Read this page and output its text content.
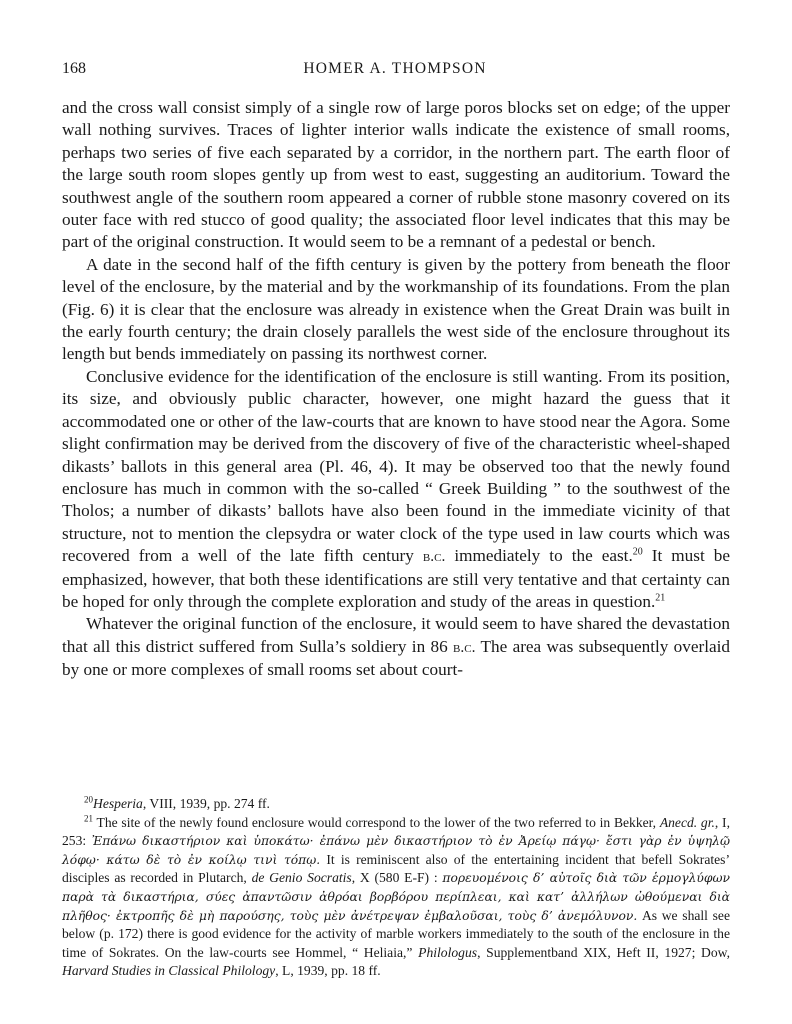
168	HOMER A. THOMPSON

and the cross wall consist simply of a single row of large poros blocks set on edge; of the upper wall nothing survives. Traces of lighter interior walls indicate the existence of small rooms, perhaps two series of five each separated by a corridor, in the northern part. The earth floor of the large south room slopes gently up from west to east, suggesting an auditorium. Toward the southwest angle of the southern room appeared a corner of rubble stone masonry covered on its outer face with red stucco of good quality; the associated floor level indicates that this may be part of the original construction. It would seem to be a remnant of a pedestal or bench.

A date in the second half of the fifth century is given by the pottery from beneath the floor level of the enclosure, by the material and by the workmanship of its foundations. From the plan (Fig. 6) it is clear that the enclosure was already in existence when the Great Drain was built in the early fourth century; the drain closely parallels the west side of the enclosure throughout its length but bends immediately on passing its northwest corner.

Conclusive evidence for the identification of the enclosure is still wanting. From its position, its size, and obviously public character, however, one might hazard the guess that it accommodated one or other of the law-courts that are known to have stood near the Agora. Some slight confirmation may be derived from the discovery of five of the characteristic wheel-shaped dikasts’ ballots in this general area (Pl. 46, 4). It may be observed too that the newly found enclosure has much in common with the so-called “ Greek Building ” to the southwest of the Tholos; a number of dikasts’ ballots have also been found in the immediate vicinity of that structure, not to mention the clepsydra or water clock of the type used in law courts which was recovered from a well of the late fifth century b.c. immediately to the east.$^{20}$ It must be emphasized, however, that both these identifications are still very tentative and that certainty can be hoped for only through the complete exploration and study of the areas in question.$^{21}$

Whatever the original function of the enclosure, it would seem to have shared the devastation that all this district suffered from Sulla’s soldiery in 86 b.c. The area was subsequently overlaid by one or more complexes of small rooms set about court-

$^{20}$Hesperia, VIII, 1939, pp. 274 ff.

$^{21}$ The site of the newly found enclosure would correspond to the lower of the two referred to in Bekker, Anecd. gr., I, 253: Ἐπάνω δικαστήριον καὶ ὑποκάτω· ἐπάνω μὲν δικαστήριον τὸ ἐν Ἀρείῳ πάγῳ· ἔστι γὰρ ἐν ὑψηλῷ λόφῳ· κάτω δὲ τὸ ἐν κοίλῳ τινὶ τόπῳ. It is reminiscent also of the entertaining incident that befell Sokrates’ disciples as recorded in Plutarch, de Genio Socratis, X (580 E-F) : πορευομένοις δ’ αὐτοῖς διὰ τῶν ἑρμογλύφων παρὰ τὰ δικαστήρια, σύες ἀπαντῶσιν ἀθρόαι βορβόρου περίπλεαι, καὶ κατ’ ἀλλήλων ὠθούμεναι διὰ πλῆθος· ἐκτροπῆς δὲ μὴ παρούσης, τοὺς μὲν ἀνέτρεψαν ἐμβαλοῦσαι, τοὺς δ’ ἀνεμόλυνον. As we shall see below (p. 172) there is good evidence for the activity of marble workers immediately to the south of the enclosure in the time of Sokrates. On the law-courts see Hommel, “ Heliaia,” Philologus, Supplementband XIX, Heft II, 1927; Dow, Harvard Studies in Classical Philology, L, 1939, pp. 18 ff.
